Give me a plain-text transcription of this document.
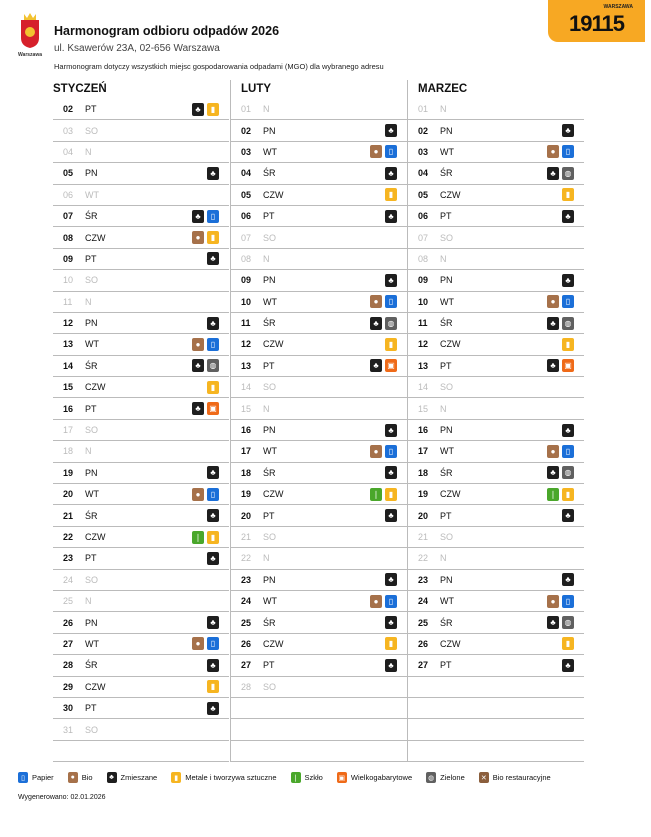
Warszawa
Harmonogram odbioru odpadów 2026
ul. Ksawerów 23A, 02-656 Warszawa
Harmonogram dotyczy wszystkich miejsc gospodarowania odpadami (MGO) dla wybranego adresu
WARSZAWA
19115
STYCZEŃ
02	PT	♣	▮
03	SO
04	N
05	PN	♣
06	WT
07	ŚR	♣	▯
08	CZW	●	▮
09	PT	♣
10	SO
11	N
12	PN	♣
13	WT	●	▯
14	ŚR	♣	◍
15	CZW	▮
16	PT	♣	▣
17	SO
18	N
19	PN	♣
20	WT	●	▯
21	ŚR	♣
22	CZW	❘	▮
23	PT	♣
24	SO
25	N
26	PN	♣
27	WT	●	▯
28	ŚR	♣
29	CZW	▮
30	PT	♣
31	SO
LUTY
01	N
02	PN	♣
03	WT	●	▯
04	ŚR	♣
05	CZW	▮
06	PT	♣
07	SO
08	N
09	PN	♣
10	WT	●	▯
11	ŚR	♣	◍
12	CZW	▮
13	PT	♣	▣
14	SO
15	N
16	PN	♣
17	WT	●	▯
18	ŚR	♣
19	CZW	❘	▮
20	PT	♣
21	SO
22	N
23	PN	♣
24	WT	●	▯
25	ŚR	♣
26	CZW	▮
27	PT	♣
28	SO
MARZEC
01	N
02	PN	♣
03	WT	●	▯
04	ŚR	♣	◍
05	CZW	▮
06	PT	♣
07	SO
08	N
09	PN	♣
10	WT	●	▯
11	ŚR	♣	◍
12	CZW	▮
13	PT	♣	▣
14	SO
15	N
16	PN	♣
17	WT	●	▯
18	ŚR	♣	◍
19	CZW	❘	▮
20	PT	♣
21	SO
22	N
23	PN	♣
24	WT	●	▯
25	ŚR	♣	◍
26	CZW	▮
27	PT	♣
▯ Papier	● Bio	♣ Zmieszane	▮ Metale i tworzywa sztuczne ❘ Szkło ▣ Wielkogabarytowe ◍ Zielone ✕ Bio restauracyjne
Wygenerowano: 02.01.2026
